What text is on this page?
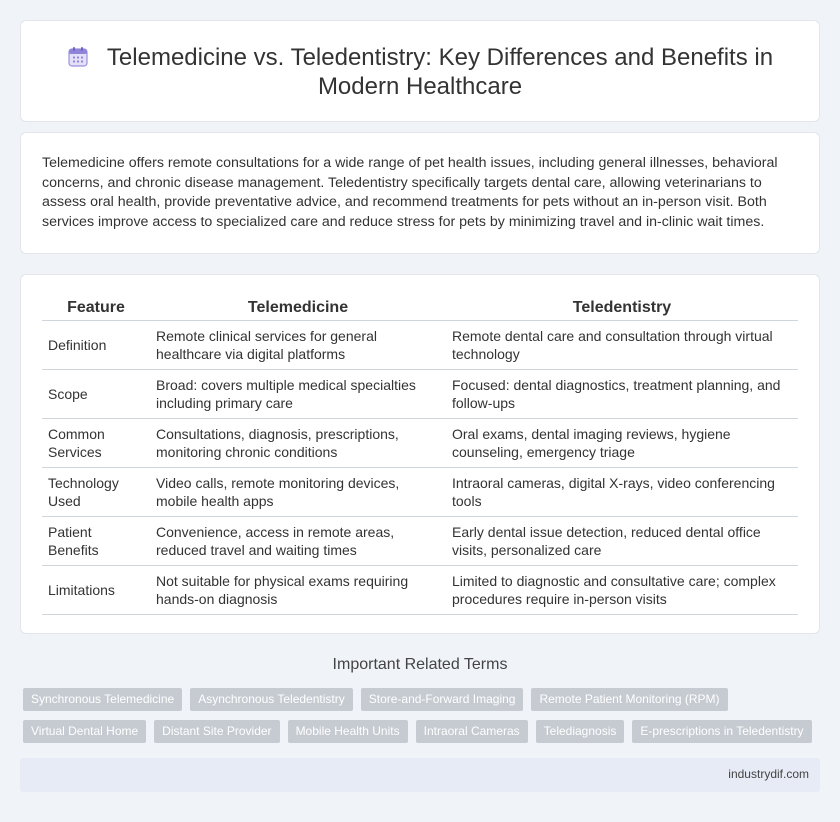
Telemedicine vs. Teledentistry: Key Differences and Benefits in Modern Healthcare

Telemedicine offers remote consultations for a wide range of pet health issues, including general illnesses, behavioral concerns, and chronic disease management. Teledentistry specifically targets dental care, allowing veterinarians to assess oral health, provide preventative advice, and recommend treatments for pets without an in-person visit. Both services improve access to specialized care and reduce stress for pets by minimizing travel and in-clinic wait times.

Feature	Telemedicine	Teledentistry
Definition	Remote clinical services for general healthcare via digital platforms	Remote dental care and consultation through virtual technology
Scope	Broad: covers multiple medical specialties including primary care	Focused: dental diagnostics, treatment planning, and follow-ups
Common Services	Consultations, diagnosis, prescriptions, monitoring chronic conditions	Oral exams, dental imaging reviews, hygiene counseling, emergency triage
Technology Used	Video calls, remote monitoring devices, mobile health apps	Intraoral cameras, digital X-rays, video conferencing tools
Patient Benefits	Convenience, access in remote areas, reduced travel and waiting times	Early dental issue detection, reduced dental office visits, personalized care
Limitations	Not suitable for physical exams requiring hands-on diagnosis	Limited to diagnostic and consultative care; complex procedures require in-person visits
Important Related Terms
Synchronous Telemedicine	Asynchronous Teledentistry	Store-and-Forward Imaging	Remote Patient Monitoring (RPM)
Virtual Dental Home	Distant Site Provider	Mobile Health Units	Intraoral Cameras	Telediagnosis	E-prescriptions in Teledentistry
industrydif.com
